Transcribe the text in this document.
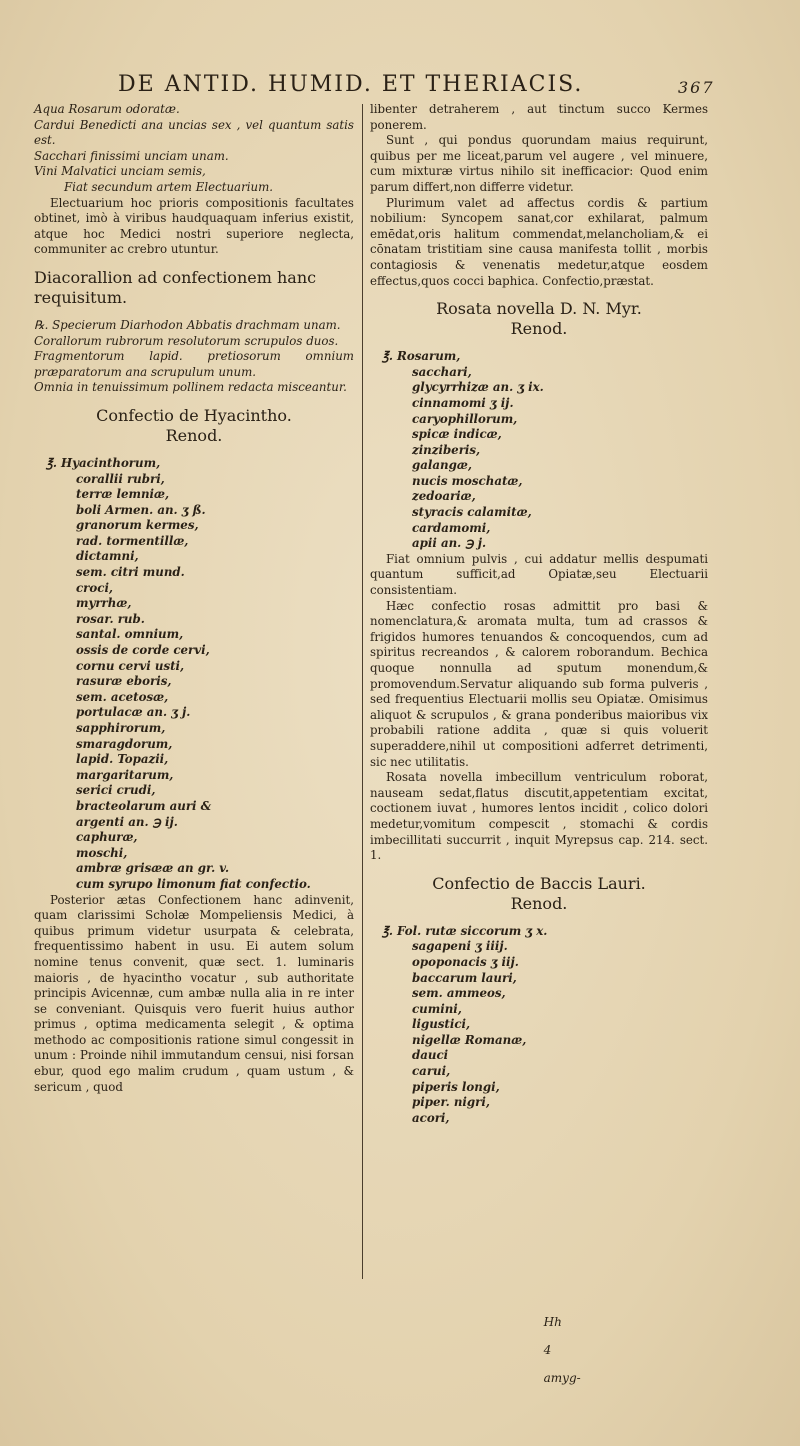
DE ANTID. HUMID. ET THERIACIS.	367

Aqua Rosarum odoratæ.

Cardui Benedicti ana uncias sex , vel quantum satis est.

Sacchari finissimi unciam unam.

Vini Malvatici unciam semis,

Fiat secundum artem Electuarium.

Electuarium hoc prioris compositionis facultates obtinet, imò à viribus haudquaquam inferius existit, atque hoc Medici nostri superiore neglecta, communiter ac crebro utuntur.

Diacorallion ad confectionem hanc requisitum.

℞. Specierum Diarhodon Abbatis drachmam unam.

Corallorum rubrorum resolutorum scrupulos duos.

Fragmentorum lapid. pretiosorum omnium præparatorum ana scrupulum unum.

Omnia in tenuissimum pollinem redacta misceantur.

Confectio de Hyacintho.

Renod.

℥. Hyacinthorum,

corallii rubri,

terræ lemniæ,

boli Armen. an. ʒ ß.

granorum kermes,

rad. tormentillæ,

dictamni,

sem. citri mund.

croci,

myrrhæ,

rosar. rub.

santal. omnium,

ossis de corde cervi,

cornu cervi usti,

rasuræ eboris,

sem. acetosæ,

portulacæ an. ʒ j.

sapphirorum,

smaragdorum,

lapid. Topazii,

margaritarum,

serici crudi,

bracteolarum auri &

argenti an. ℈ ij.

caphuræ,

moschi,

ambræ grisææ an gr. v.

cum syrupo limonum fiat confectio.

Posterior ætas Confectionem hanc adinvenit, quam clarissimi Scholæ Mompeliensis Medici, à quibus primum videtur usurpata & celebrata, frequentissimo habent in usu. Ei autem solum nomine tenus convenit, quæ sect. 1. luminaris maioris , de hyacintho vocatur , sub authoritate principis Avicennæ, cum ambæ nulla alia in re inter se conveniant. Quisquis vero fuerit huius author primus , optima medicamenta selegit , & optima methodo ac compositionis ratione simul congessit in unum : Proinde nihil immutandum censui, nisi forsan ebur, quod ego malim crudum , quam ustum , & sericum , quod

libenter detraherem , aut tinctum succo Kermes ponerem.

Sunt , qui pondus quorundam maius requirunt, quibus per me liceat,parum vel augere , vel minuere, cum mixturæ virtus nihilo sit inefficacior: Quod enim parum differt,non differre videtur.

Plurimum valet ad affectus cordis & partium nobilium: Syncopem sanat,cor exhilarat, palmum emēdat,oris halitum commendat,melancholiam,& ei cōnatam tristitiam sine causa manifesta tollit , morbis contagiosis & venenatis medetur,atque eosdem effectus,quos cocci baphica. Confectio,præstat.

Rosata novella D. N. Myr.

Renod.

℥. Rosarum,

sacchari,

glycyrrhizæ an. ʒ ix.

cinnamomi ʒ ij.

caryophillorum,

spicæ indicæ,

zinziberis,

galangæ,

nucis moschatæ,

zedoariæ,

styracis calamitæ,

cardamomi,

apii an. ℈ j.

Fiat omnium pulvis , cui addatur mellis despumati quantum sufficit,ad Opiatæ,seu Electuarii consistentiam.

Hæc confectio rosas admittit pro basi & nomenclatura,& aromata multa, tum ad crassos & frigidos humores tenuandos & concoquendos, cum ad spiritus recreandos , & calorem roborandum. Bechica quoque nonnulla ad sputum monendum,& promovendum.Servatur aliquando sub forma pulveris , sed frequentius Electuarii mollis seu Opiatæ. Omisimus aliquot & scrupulos , & grana ponderibus maioribus vix probabili ratione addita , quæ si quis voluerit superaddere,nihil ut compositioni adferret detrimenti, sic nec utilitatis.

Rosata novella imbecillum ventriculum roborat, nauseam sedat,flatus discutit,appetentiam excitat, coctionem iuvat , humores lentos incidit , colico dolori medetur,vomitum compescit , stomachi & cordis imbecillitati succurrit , inquit Myrepsus cap. 214. sect. 1.

Confectio de Baccis Lauri.

Renod.

℥. Fol. rutæ siccorum ʒ x.

sagapeni ʒ iiij.

opoponacis ʒ iij.

baccarum lauri,

sem. ammeos,

cumini,

ligustici,

nigellæ Romanæ,

dauci

carui,

piperis longi,

piper. nigri,

acori,

Hh

4

amyg-
